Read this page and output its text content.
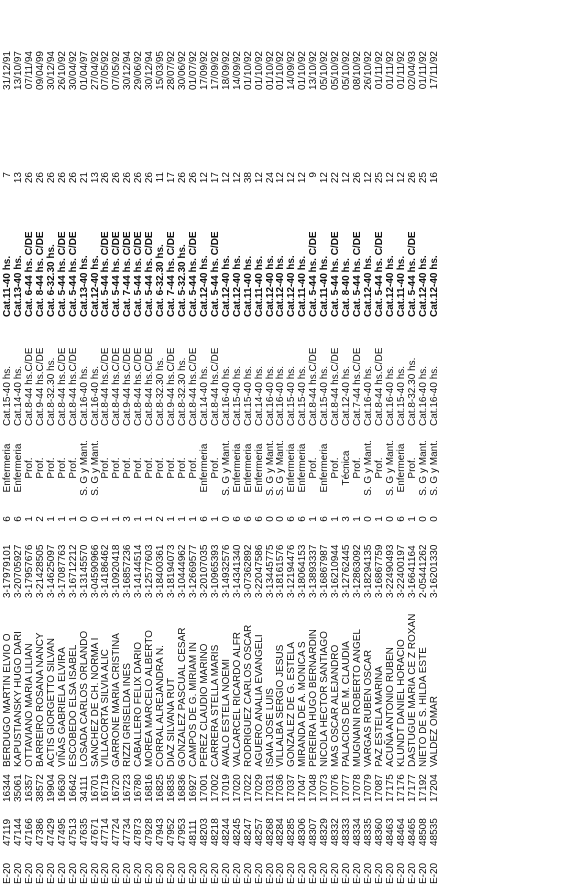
E-20
47119
16344
BERDUGO MARTIN ELVIO O
3-17979101
6
Enfermeria
Cat.15-40 hs.
Cat.11-40 hs.
7
31/12/91
E-20
47144
35061
KAPUSTIANSKY HUGO DARI
3-20705927
6
Enfermeria
Cat.14-40 hs.
Cat.13-40 hs.
13
13/10/97
E-20
47166
16357
OTTAVIANO MARIA LILIAN
3-17957676
1
Prof.
Cat.8-44 hs.C/DE
Cat. 6-44 hs. C/DE
26
07/11/94
E-20
47386
38572
BARREIRO ROSANA NANCY
3-21428505
2
Prof.
Cat.9-44 hs.C/DE
Cat. 8-44 hs. C/DE
26
09/04/99
E-20
47429
19904
ACTIS GIORGETTO SILVAN
3-14625097
1
Prof.
Cat.8-32.30 hs.
Cat. 6-32.30 hs.
26
30/12/94
E-20
47495
16630
VIÑAS GABRIELA ELVIRA
3-17087763
1
Prof.
Cat.8-44 hs.C/DE
Cat. 5-44 hs. C/DE
26
26/10/92
E-20
47513
16642
ESCOBEDO ELSA ISABEL
3-16712212
1
Prof.
Cat.8-44 hs.C/DE
Cat. 5-44 hs. C/DE
26
30/04/92
E-20
47635
34111
LOSADA CARLOS ORLANDO
3-13145570
0
S. G y Mant.
Cat.16-40 hs.
Cat.13-40 hs.
21
01/04/97
E-20
47671
16701
SANCHEZ DE CH. NORMA I
3-04590966
0
S. G y Mant.
Cat.16-40 hs.
Cat.12-40 hs.
13
27/04/92
E-20
47714
16719
VILLACORTA SILVIA ALIC
3-14186462
1
Prof.
Cat.8-44 hs.C/DE
Cat. 5-44 hs. C/DE
26
07/05/92
E-20
47724
16720
GARRONE MARIA CRISTINA
3-10920418
1
Prof.
Cat.8-44 hs.C/DE
Cat. 5-44 hs. C/DE
26
07/05/92
E-20
47734
16723
RIZZI GRISELDA INES
3-16857236
3
Prof.
Cat.9-44 hs.C/DE
Cat. 7-44 hs. C/DE
26
30/12/94
E-20
47873
16780
CABALLERO FELIX DARIO
3-14144514
1
Prof.
Cat.8-44 hs.C/DE
Cat. 5-44 hs. C/DE
26
29/06/92
E-20
47928
16816
MOREA MARCELO ALBERTO
3-12577603
1
Prof.
Cat.8-44 hs.C/DE
Cat. 5-44 hs. C/DE
26
30/12/94
E-20
47943
16825
CORRAL ALREJANDRA N.
3-18400361
2
Prof.
Cat.8-32.30 hs.
Cat. 6-32.30 hs.
11
15/03/95
E-20
47952
16835
DIAZ SILVANA RUT
3-18194073
1
Prof.
Cat.9-44 hs.C/DE
Cat. 7-44 hs. C/DE
17
28/07/92
E-20
47953
16836
GONZALEZ PASCUAL CESAR
3-10444962
1
Prof.
Cat.8-32.30 hs.
Cat. 5-32.30 hs.
26
30/06/92
E-20
48111
16927
CAMPOS DE G. MIRIAM IN
3-12669577
1
Prof.
Cat.8-44 hs.C/DE
Cat. 5-44 hs. C/DE
26
01/07/92
E-20
48203
17001
PEREZ CLAUDIO MARINO
3-20107035
6
Enfermeria
Cat.14-40 hs.
Cat.12-40 hs.
12
17/09/92
E-20
48218
17002
CARRERA STELLA MARIS
3-10965393
1
Prof.
Cat.8-44 hs.C/DE
Cat. 5-44 hs. C/DE
17
17/09/92
E-20
48244
17019
AVALO ESTELA NOEMI
3-14932576
0
S. G y Mant.
Cat.16-40 hs.
Cat.12-40 hs.
12
18/09/92
E-20
48245
17020
VALCARCEL RICARDO ALFR
3-14341340
6
Enfermeria
Cat.15-40 hs.
Cat.12-40 hs.
12
14/09/92
E-20
48247
17022
RODRIGUEZ CARLOS OSCAR
3-07362892
6
Enfermeria
Cat.15-40 hs.
Cat.11-40 hs.
38
01/10/92
E-20
48257
17029
AGUERO ANALIA EVANGELI
3-22047586
6
Enfermeria
Cat.14-40 hs.
Cat.11-40 hs.
12
01/10/92
E-20
48268
17031
ISAIA JOSE LUIS
3-13445775
0
S. G y Mant.
Cat.16-40 hs.
Cat.12-40 hs.
24
01/10/92
E-20
48284
17036
VILLALBA SERGIO JESUS
3-18161576
0
S. G y Mant.
Cat.16-40 hs.
Cat.12-40 hs.
12
01/10/92
E-20
48285
17037
GONZALEZ DE G. ESTELA
3-12194476
6
Enfermeria
Cat.15-40 hs.
Cat.12-40 hs.
12
14/09/92
E-20
48306
17047
MIRANDA DE A. MONICA S
3-18064153
6
Enfermeria
Cat.15-40 hs.
Cat.11-40 hs.
12
01/10/92
E-20
48307
17048
PEREIRA HUGO BERNARDIN
3-13893337
1
Prof.
Cat.8-44 hs.C/DE
Cat. 5-44 hs. C/DE
9
13/10/92
E-20
48329
17073
NICOLA HECTOR SANTIAGO
3-16867987
6
Enfermeria
Cat.15-40 hs.
Cat.11-40 hs.
12
05/10/92
E-20
48332
17076
MAS OSCAR ALEJANDRO
3-16210944
1
Prof.
Cat.8-44 hs.C/DE
Cat. 5-44 hs. C/DE
22
05/10/92
E-20
48333
17077
PALACIOS DE M. CLAUDIA
3-12762445
3
Técnica
Cat.12-40 hs.
Cat. 8-40 hs.
12
05/10/92
E-20
48334
17078
MUGNAINI ROBERTO ANGEL
3-12863092
1
Prof.
Cat.7-44 hs.C/DE
Cat. 5-44 hs. C/DE
26
08/10/92
E-20
48335
17079
VARGAS RUBEN OSCAR
3-18294135
0
S. G y Mant.
Cat.16-40 hs.
Cat.12-40 hs.
12
26/10/92
E-20
48360
17087
PAZ ESTELA MARINA
3-16867759
1
Prof.
Cat.8-44 hs.C/DE
Cat. 5-44 hs. C/DE
25
01/11/92
E-20
48463
17175
ACUÑA ANTONIO RUBEN
3-22490493
0
S. G y Mant.
Cat.16-40 hs.
Cat.12-40 hs.
12
01/11/92
E-20
48464
17176
KLUNDT DANIEL HORACIO
3-22400197
6
Enfermeria
Cat.15-40 hs.
Cat.11-40 hs.
12
01/11/92
E-20
48465
17177
DASTUGUE MARIA CE Z ROXAN
3-16641164
1
Prof.
Cat.8-32.30 hs.
Cat. 5-44 hs. C/DE
26
02/04/93
E-20
48508
17192
NIETO DE S. HILDA ESTE
2-05441262
0
S. G y Mant.
Cat.16-40 hs.
Cat.12-40 hs.
25
01/11/92
E-20
48535
17204
VALDEZ OMAR
3-16201330
0
S. G y Mant.
Cat.16-40 hs.
Cat.12-40 hs.
16
17/11/92
